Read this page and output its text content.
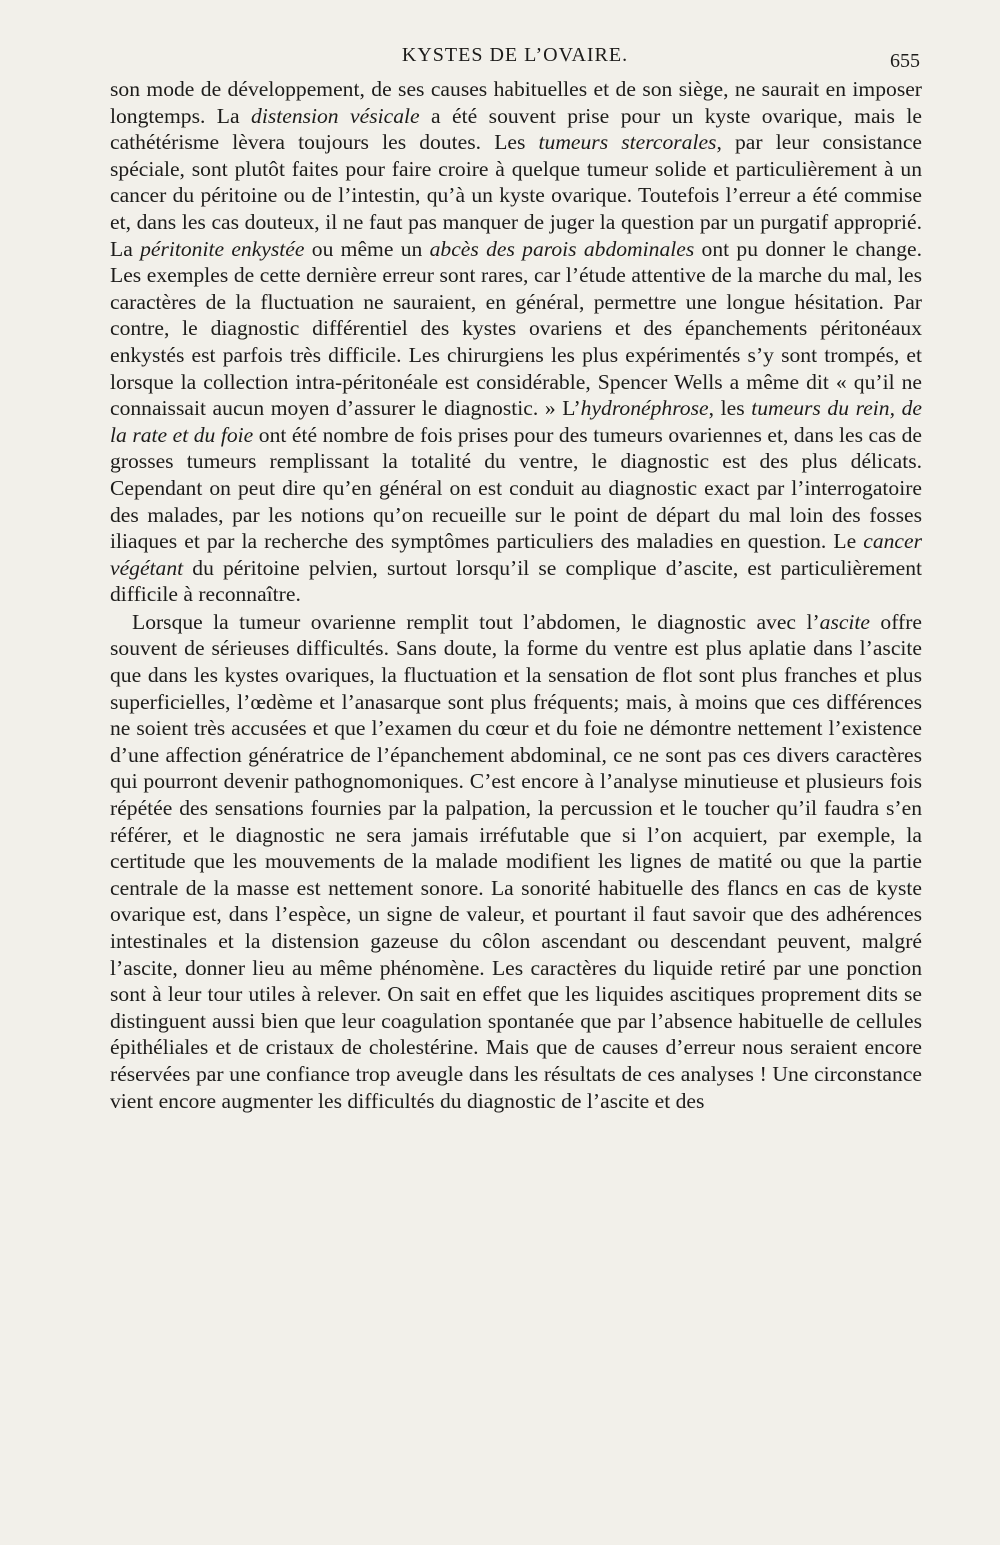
KYSTES DE L’OVAIRE.	655

son mode de développement, de ses causes habituelles et de son siège, ne saurait en imposer longtemps. La distension vésicale a été souvent prise pour un kyste ovarique, mais le cathétérisme lèvera toujours les doutes. Les tumeurs stercorales, par leur consistance spéciale, sont plutôt faites pour faire croire à quelque tumeur solide et particulièrement à un cancer du péritoine ou de l’intestin, qu’à un kyste ovarique. Toutefois l’erreur a été commise et, dans les cas douteux, il ne faut pas manquer de juger la question par un purgatif approprié. La péritonite enkystée ou même un abcès des parois abdominales ont pu donner le change. Les exemples de cette dernière erreur sont rares, car l’étude attentive de la marche du mal, les caractères de la fluctuation ne sauraient, en général, permettre une longue hésitation. Par contre, le diagnostic différentiel des kystes ovariens et des épanchements péritonéaux enkystés est parfois très difficile. Les chirurgiens les plus expérimentés s’y sont trompés, et lorsque la collection intra-péritonéale est considérable, Spencer Wells a même dit « qu’il ne connaissait aucun moyen d’assurer le diagnostic. » L’hydronéphrose, les tumeurs du rein, de la rate et du foie ont été nombre de fois prises pour des tumeurs ovariennes et, dans les cas de grosses tumeurs remplissant la totalité du ventre, le diagnostic est des plus délicats. Cependant on peut dire qu’en général on est conduit au diagnostic exact par l’interrogatoire des malades, par les notions qu’on recueille sur le point de départ du mal loin des fosses iliaques et par la recherche des symptômes particuliers des maladies en question. Le cancer végétant du péritoine pelvien, surtout lorsqu’il se complique d’ascite, est particulièrement difficile à reconnaître.

Lorsque la tumeur ovarienne remplit tout l’abdomen, le diagnostic avec l’ascite offre souvent de sérieuses difficultés. Sans doute, la forme du ventre est plus aplatie dans l’ascite que dans les kystes ovariques, la fluctuation et la sensation de flot sont plus franches et plus superficielles, l’œdème et l’anasarque sont plus fréquents; mais, à moins que ces différences ne soient très accusées et que l’examen du cœur et du foie ne démontre nettement l’existence d’une affection génératrice de l’épanchement abdominal, ce ne sont pas ces divers caractères qui pourront devenir pathognomoniques. C’est encore à l’analyse minutieuse et plusieurs fois répétée des sensations fournies par la palpation, la percussion et le toucher qu’il faudra s’en référer, et le diagnostic ne sera jamais irréfutable que si l’on acquiert, par exemple, la certitude que les mouvements de la malade modifient les lignes de matité ou que la partie centrale de la masse est nettement sonore. La sonorité habituelle des flancs en cas de kyste ovarique est, dans l’espèce, un signe de valeur, et pourtant il faut savoir que des adhérences intestinales et la distension gazeuse du côlon ascendant ou descendant peuvent, malgré l’ascite, donner lieu au même phénomène. Les caractères du liquide retiré par une ponction sont à leur tour utiles à relever. On sait en effet que les liquides ascitiques proprement dits se distinguent aussi bien que leur coagulation spontanée que par l’absence habituelle de cellules épithéliales et de cristaux de cholestérine. Mais que de causes d’erreur nous seraient encore réservées par une confiance trop aveugle dans les résultats de ces analyses ! Une circonstance vient encore augmenter les difficultés du diagnostic de l’ascite et des
